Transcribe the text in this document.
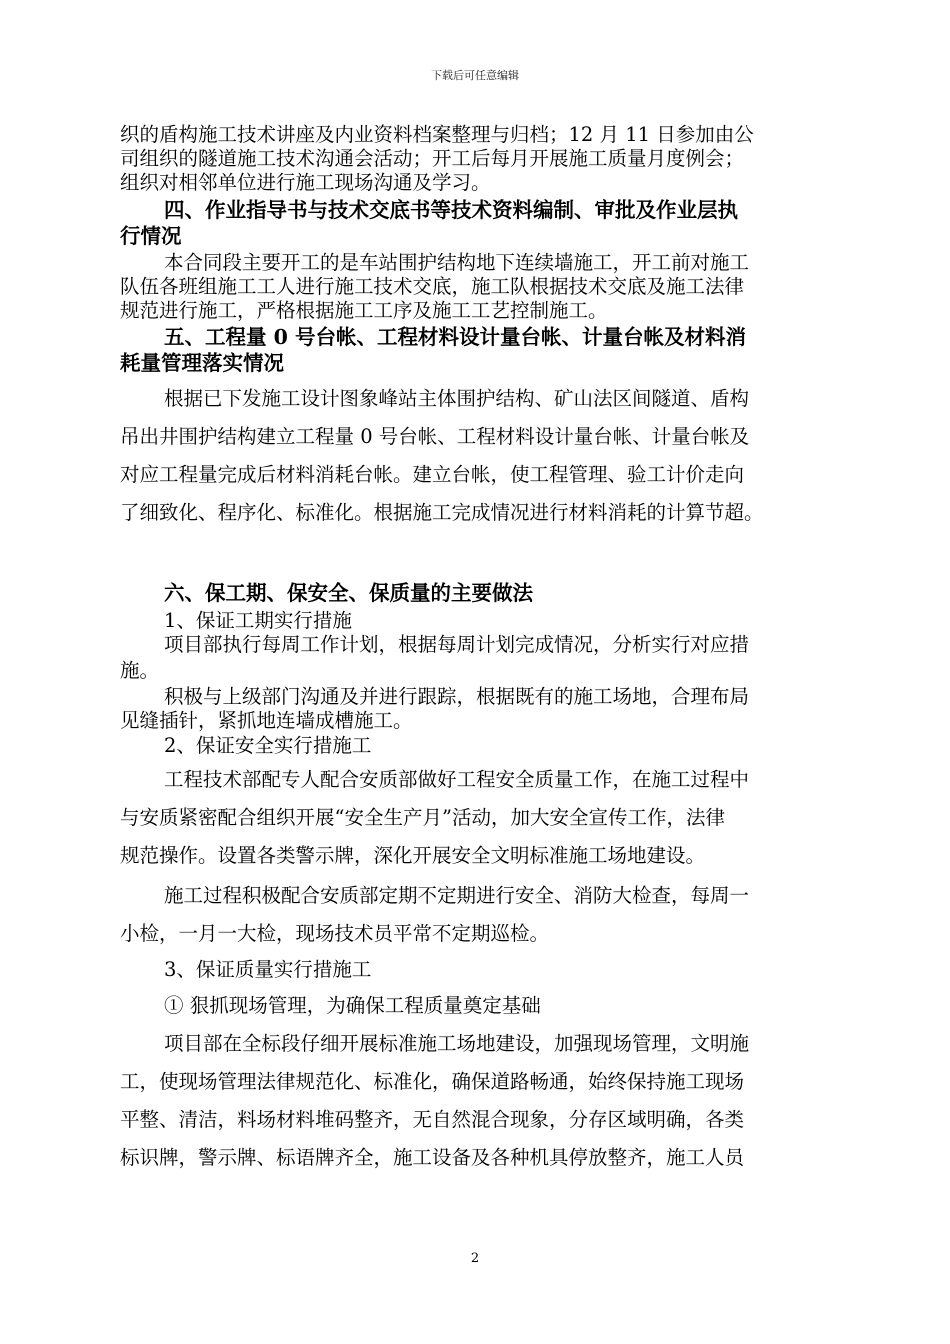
下载后可任意编辑
织的盾构施工技术讲座及内业资料档案整理与归档；12 月 11 日参加由公
司组织的隧道施工技术沟通会活动；开工后每月开展施工质量月度例会；
组织对相邻单位进行施工现场沟通及学习。
四、作业指导书与技术交底书等技术资料编制、审批及作业层执
行情况
本合同段主要开工的是车站围护结构地下连续墙施工，开工前对施工
队伍各班组施工工人进行施工技术交底，施工队根据技术交底及施工法律
规范进行施工，严格根据施工工序及施工工艺控制施工。
五、工程量 0 号台帐、工程材料设计量台帐、计量台帐及材料消
耗量管理落实情况
根据已下发施工设计图象峰站主体围护结构、矿山法区间隧道、盾构
吊出井围护结构建立工程量 0 号台帐、工程材料设计量台帐、计量台帐及
对应工程量完成后材料消耗台帐。建立台帐，使工程管理、验工计价走向
了细致化、程序化、标准化。根据施工完成情况进行材料消耗的计算节超。
六、保工期、保安全、保质量的主要做法
1、保证工期实行措施
项目部执行每周工作计划，根据每周计划完成情况，分析实行对应措
施。
积极与上级部门沟通及并进行跟踪，根据既有的施工场地，合理布局
见缝插针，紧抓地连墙成槽施工。
2、保证安全实行措施工
工程技术部配专人配合安质部做好工程安全质量工作，在施工过程中
与安质紧密配合组织开展“安全生产月”活动，加大安全宣传工作，法律
规范操作。设置各类警示牌，深化开展安全文明标准施工场地建设。
施工过程积极配合安质部定期不定期进行安全、消防大检查，每周一
小检，一月一大检，现场技术员平常不定期巡检。
3、保证质量实行措施工
① 狠抓现场管理，为确保工程质量奠定基础
项目部在全标段仔细开展标准施工场地建设，加强现场管理，文明施
工，使现场管理法律规范化、标准化，确保道路畅通，始终保持施工现场
平整、清洁，料场材料堆码整齐，无自然混合现象，分存区域明确，各类
标识牌，警示牌、标语牌齐全，施工设备及各种机具停放整齐，施工人员
2
